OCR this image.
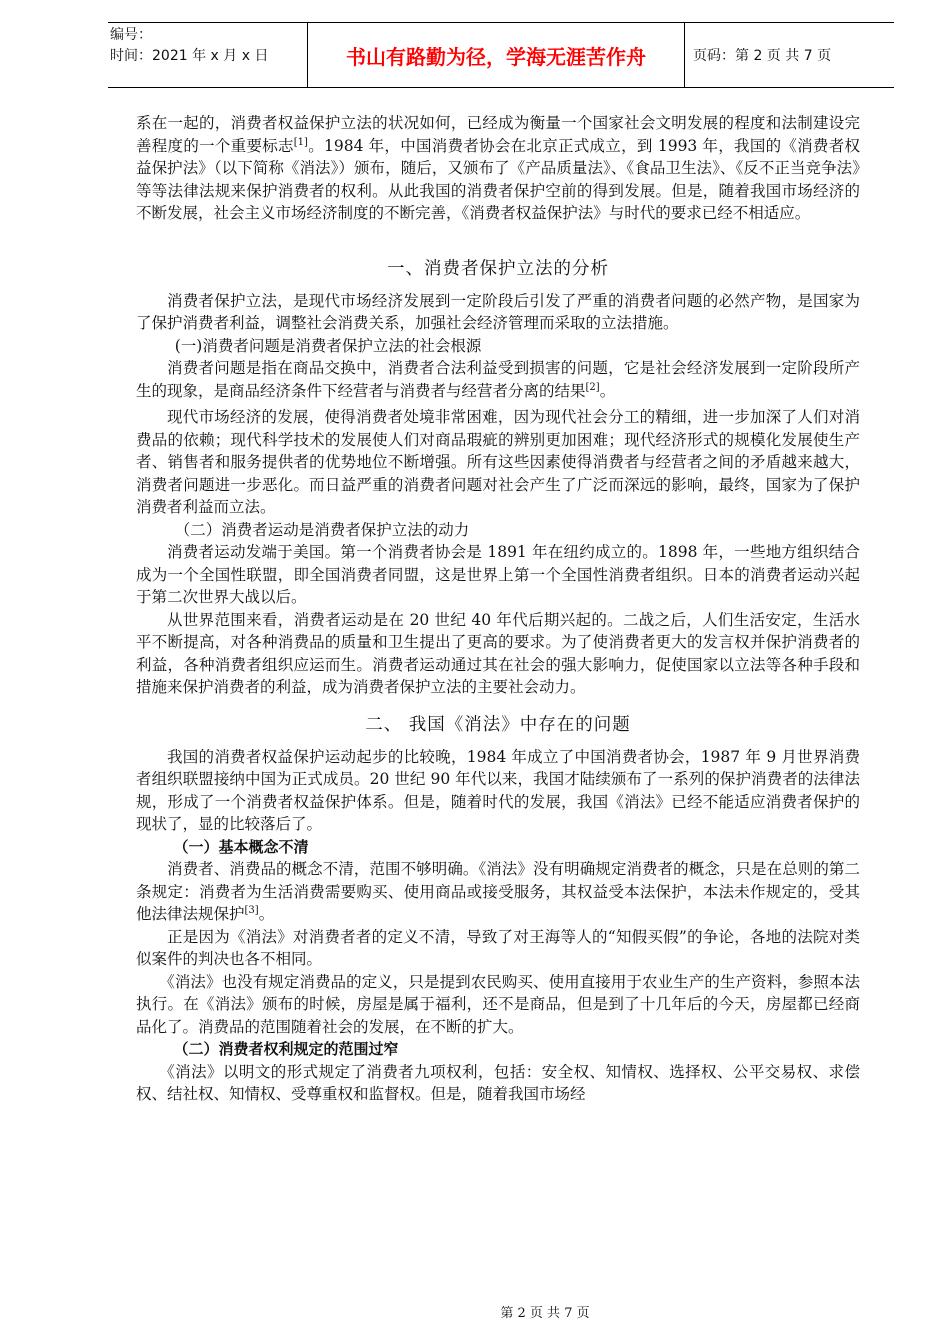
编号：
时间：2021 年 x 月 x 日	书山有路勤为径，学海无涯苦作舟	页码：第 2 页 共 7 页

系在一起的，消费者权益保护立法的状况如何，已经成为衡量一个国家社会文明发展的程度和法制建设完善程度的一个重要标志[1]。1984 年，中国消费者协会在北京正式成立，到 1993 年，我国的《消费者权益保护法》（以下简称《消法》）颁布，随后，又颁布了《产品质量法》、《食品卫生法》、《反不正当竞争法》等等法律法规来保护消费者的权利。从此我国的消费者保护空前的得到发展。但是，随着我国市场经济的不断发展，社会主义市场经济制度的不断完善，《消费者权益保护法》与时代的要求已经不相适应。

一、消费者保护立法的分析

消费者保护立法，是现代市场经济发展到一定阶段后引发了严重的消费者问题的必然产物，是国家为了保护消费者利益，调整社会消费关系，加强社会经济管理而采取的立法措施。

(一)消费者问题是消费者保护立法的社会根源

消费者问题是指在商品交换中，消费者合法利益受到损害的问题，它是社会经济发展到一定阶段所产生的现象，是商品经济条件下经营者与消费者与经营者分离的结果[2]。

现代市场经济的发展，使得消费者处境非常困难，因为现代社会分工的精细，进一步加深了人们对消费品的依赖；现代科学技术的发展使人们对商品瑕疵的辨别更加困难；现代经济形式的规模化发展使生产者、销售者和服务提供者的优势地位不断增强。所有这些因素使得消费者与经营者之间的矛盾越来越大，消费者问题进一步恶化。而日益严重的消费者问题对社会产生了广泛而深远的影响，最终，国家为了保护消费者利益而立法。

（二）消费者运动是消费者保护立法的动力

消费者运动发端于美国。第一个消费者协会是 1891 年在纽约成立的。1898 年，一些地方组织结合成为一个全国性联盟，即全国消费者同盟，这是世界上第一个全国性消费者组织。日本的消费者运动兴起于第二次世界大战以后。

从世界范围来看，消费者运动是在 20 世纪 40 年代后期兴起的。二战之后，人们生活安定，生活水平不断提高，对各种消费品的质量和卫生提出了更高的要求。为了使消费者更大的发言权并保护消费者的利益，各种消费者组织应运而生。消费者运动通过其在社会的强大影响力，促使国家以立法等各种手段和措施来保护消费者的利益，成为消费者保护立法的主要社会动力。

二、 我国《消法》中存在的问题

我国的消费者权益保护运动起步的比较晚，1984 年成立了中国消费者协会，1987 年 9 月世界消费者组织联盟接纳中国为正式成员。20 世纪 90 年代以来，我国才陆续颁布了一系列的保护消费者的法律法规，形成了一个消费者权益保护体系。但是，随着时代的发展，我国《消法》已经不能适应消费者保护的现状了，显的比较落后了。

（一）基本概念不清

消费者、消费品的概念不清，范围不够明确。《消法》没有明确规定消费者的概念，只是在总则的第二条规定：消费者为生活消费需要购买、使用商品或接受服务，其权益受本法保护，本法未作规定的，受其他法律法规保护[3]。

正是因为《消法》对消费者者的定义不清，导致了对王海等人的“知假买假”的争论，各地的法院对类似案件的判决也各不相同。

《消法》也没有规定消费品的定义，只是提到农民购买、使用直接用于农业生产的生产资料，参照本法执行。在《消法》颁布的时候，房屋是属于福利，还不是商品，但是到了十几年后的今天，房屋都已经商品化了。消费品的范围随着社会的发展，在不断的扩大。

（二）消费者权利规定的范围过窄

《消法》以明文的形式规定了消费者九项权利，包括：安全权、知情权、选择权、公平交易权、求偿权、结社权、知情权、受尊重权和监督权。但是，随着我国市场经

第 2 页 共 7 页
